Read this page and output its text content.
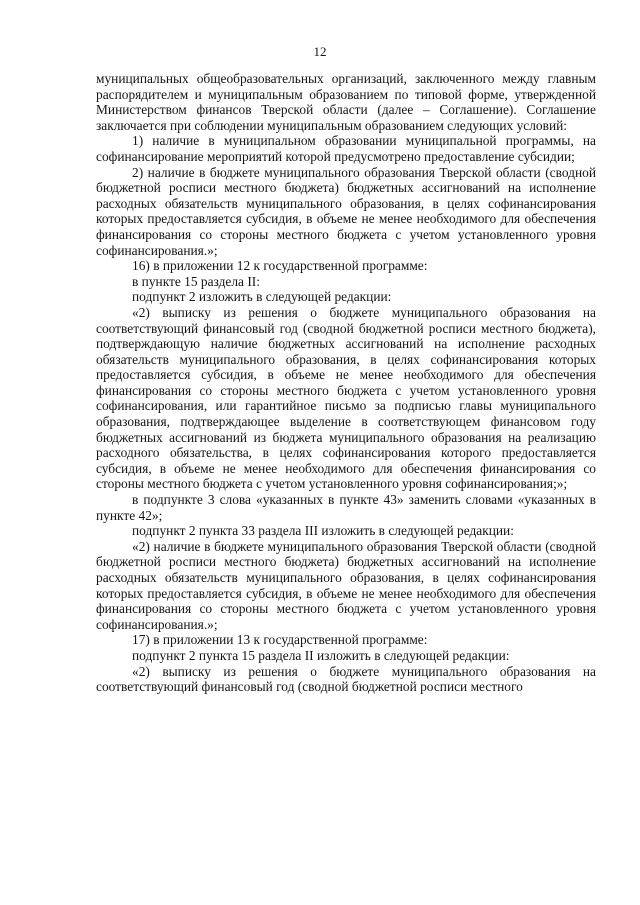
12

муниципальных общеобразовательных организаций, заключенного между главным распорядителем и муниципальным образованием по типовой форме, утвержденной Министерством финансов Тверской области (далее – Соглашение). Соглашение заключается при соблюдении муниципальным образованием следующих условий:

1) наличие в муниципальном образовании муниципальной программы, на софинансирование мероприятий которой предусмотрено предоставление субсидии;

2) наличие в бюджете муниципального образования Тверской области (сводной бюджетной росписи местного бюджета) бюджетных ассигнований на исполнение расходных обязательств муниципального образования, в целях софинансирования которых предоставляется субсидия, в объеме не менее необходимого для обеспечения финансирования со стороны местного бюджета с учетом установленного уровня софинансирования.»;

16) в приложении 12 к государственной программе:

в пункте 15 раздела II:

подпункт 2 изложить в следующей редакции:

«2) выписку из решения о бюджете муниципального образования на соответствующий финансовый год (сводной бюджетной росписи местного бюджета), подтверждающую наличие бюджетных ассигнований на исполнение расходных обязательств муниципального образования, в целях софинансирования которых предоставляется субсидия, в объеме не менее необходимого для обеспечения финансирования со стороны местного бюджета с учетом установленного уровня софинансирования, или гарантийное письмо за подписью главы муниципального образования, подтверждающее выделение в соответствующем финансовом году бюджетных ассигнований из бюджета муниципального образования на реализацию расходного обязательства, в целях софинансирования которого предоставляется субсидия, в объеме не менее необходимого для обеспечения финансирования со стороны местного бюджета с учетом установленного уровня софинансирования;»;

в подпункте 3 слова «указанных в пункте 43» заменить словами «указанных в пункте 42»;

подпункт 2 пункта 33 раздела III изложить в следующей редакции:

«2) наличие в бюджете муниципального образования Тверской области (сводной бюджетной росписи местного бюджета) бюджетных ассигнований на исполнение расходных обязательств муниципального образования, в целях софинансирования которых предоставляется субсидия, в объеме не менее необходимого для обеспечения финансирования со стороны местного бюджета с учетом установленного уровня софинансирования.»;

17) в приложении 13 к государственной программе:

подпункт 2 пункта 15 раздела II изложить в следующей редакции:

«2) выписку из решения о бюджете муниципального образования на соответствующий финансовый год (сводной бюджетной росписи местного
